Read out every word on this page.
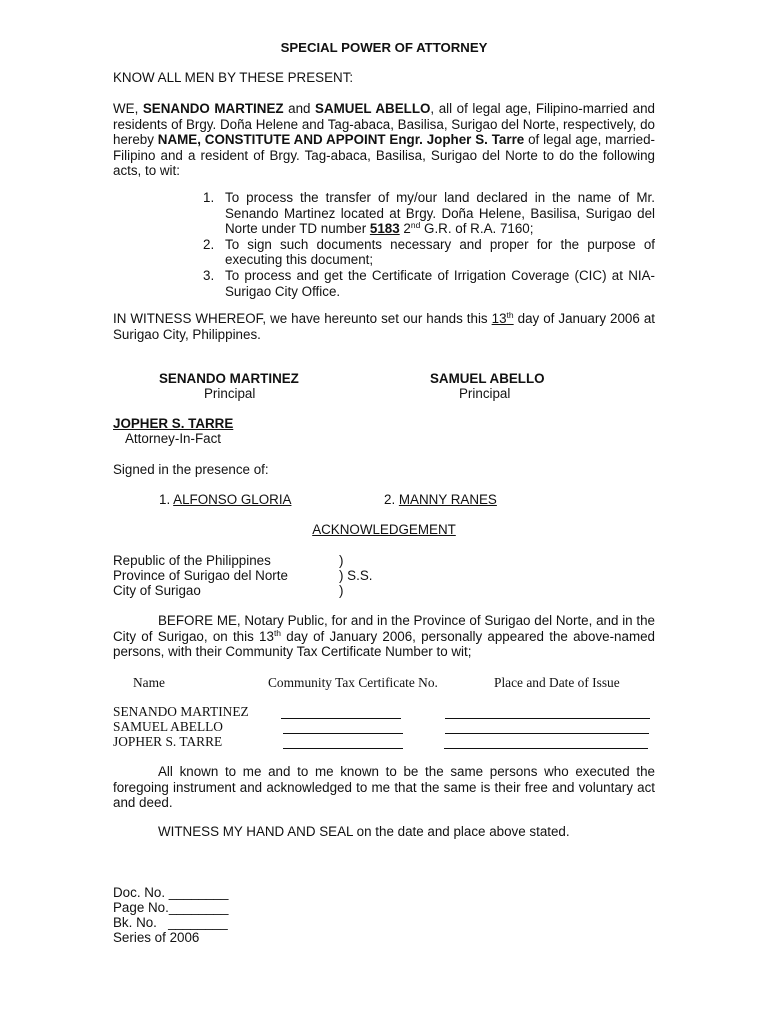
SPECIAL POWER OF ATTORNEY
KNOW ALL MEN BY THESE PRESENT:
WE, SENANDO MARTINEZ and SAMUEL ABELLO, all of legal age, Filipino-married and residents of Brgy. Doña Helene and Tag-abaca, Basilisa, Surigao del Norte, respectively, do hereby NAME, CONSTITUTE AND APPOINT Engr. Jopher S. Tarre of legal age, married-Filipino and a resident of Brgy. Tag-abaca, Basilisa, Surigao del Norte to do the following acts, to wit:
1. To process the transfer of my/our land declared in the name of Mr. Senando Martinez located at Brgy. Doña Helene, Basilisa, Surigao del Norte under TD number 5183 2nd G.R. of R.A. 7160;
2. To sign such documents necessary and proper for the purpose of executing this document;
3. To process and get the Certificate of Irrigation Coverage (CIC) at NIA-Surigao City Office.
IN WITNESS WHEREOF, we have hereunto set our hands this 13th day of January 2006 at Surigao City, Philippines.
SENANDO MARTINEZ
Principal
SAMUEL ABELLO
Principal
JOPHER S. TARRE
Attorney-In-Fact
Signed in the presence of:
1. ALFONSO GLORIA	2. MANNY RANES
ACKNOWLEDGEMENT
Republic of the Philippines	)
Province of Surigao del Norte	) S.S.
City of Surigao	)
BEFORE ME, Notary Public, for and in the Province of Surigao del Norte, and in the City of Surigao, on this 13th day of January 2006, personally appeared the above-named persons, with their Community Tax Certificate Number to wit;
Name	Community Tax Certificate No.	Place and Date of Issue
SENANDO MARTINEZ
SAMUEL ABELLO
JOPHER S. TARRE
All known to me and to me known to be the same persons who executed the foregoing instrument and acknowledged to me that the same is their free and voluntary act and deed.
WITNESS MY HAND AND SEAL on the date and place above stated.
Doc. No. ________
Page No.________
Bk. No.   ________
Series of 2006
